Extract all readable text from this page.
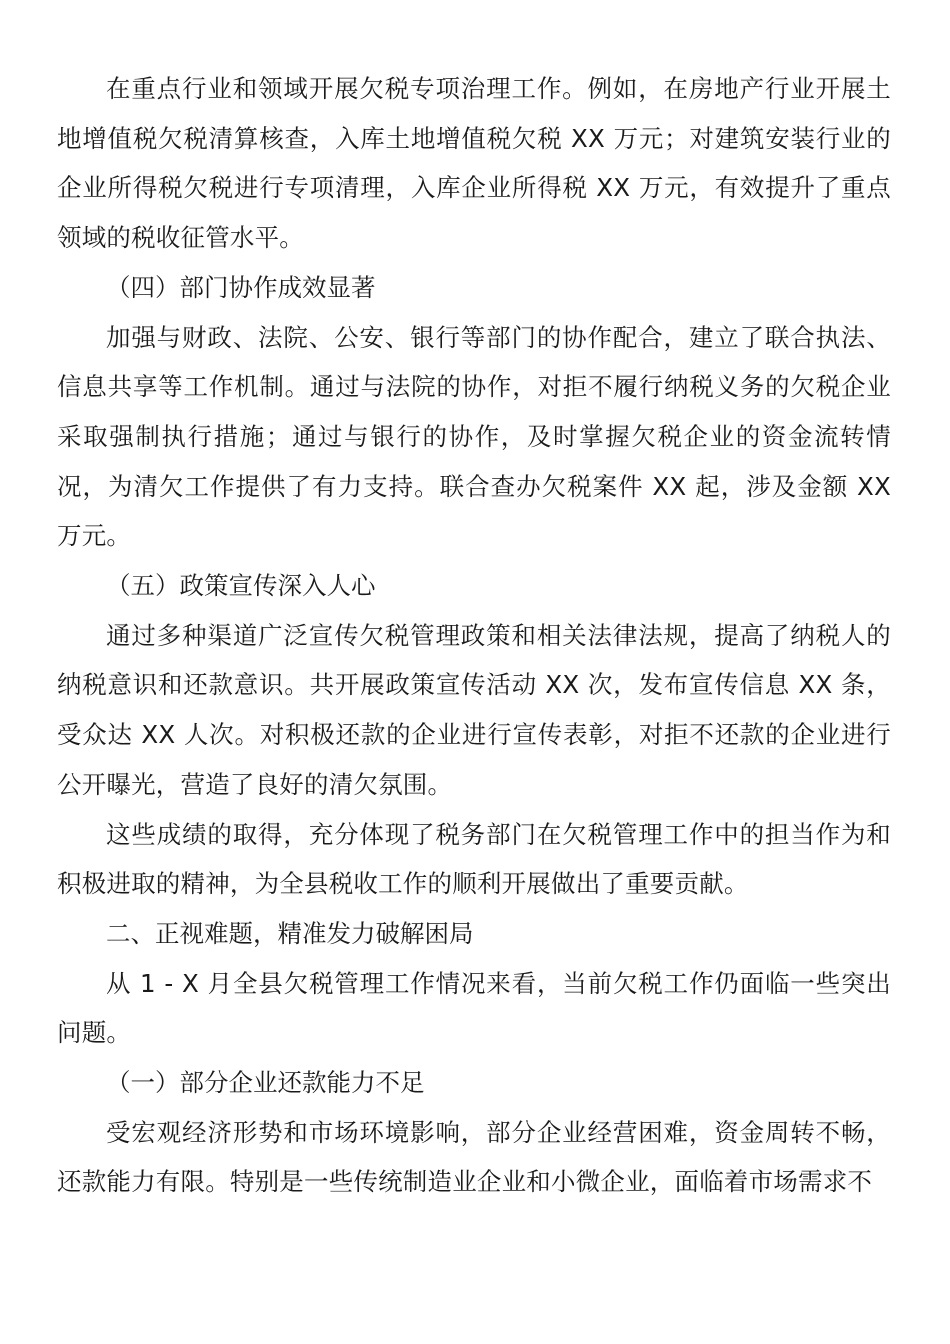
在重点行业和领域开展欠税专项治理工作。例如，在房地产行业开展土地增值税欠税清算核查，入库土地增值税欠税 XX 万元；对建筑安装行业的企业所得税欠税进行专项清理，入库企业所得税 XX 万元，有效提升了重点领域的税收征管水平。

（四）部门协作成效显著

加强与财政、法院、公安、银行等部门的协作配合，建立了联合执法、信息共享等工作机制。通过与法院的协作，对拒不履行纳税义务的欠税企业采取强制执行措施；通过与银行的协作，及时掌握欠税企业的资金流转情况，为清欠工作提供了有力支持。联合查办欠税案件 XX 起，涉及金额 XX 万元。

（五）政策宣传深入人心

通过多种渠道广泛宣传欠税管理政策和相关法律法规，提高了纳税人的纳税意识和还款意识。共开展政策宣传活动 XX 次，发布宣传信息 XX 条，受众达 XX 人次。对积极还款的企业进行宣传表彰，对拒不还款的企业进行公开曝光，营造了良好的清欠氛围。

这些成绩的取得，充分体现了税务部门在欠税管理工作中的担当作为和积极进取的精神，为全县税收工作的顺利开展做出了重要贡献。

二、正视难题，精准发力破解困局

从 1 - X 月全县欠税管理工作情况来看，当前欠税工作仍面临一些突出问题。

（一）部分企业还款能力不足

受宏观经济形势和市场环境影响，部分企业经营困难，资金周转不畅，还款能力有限。特别是一些传统制造业企业和小微企业，面临着市场需求不
